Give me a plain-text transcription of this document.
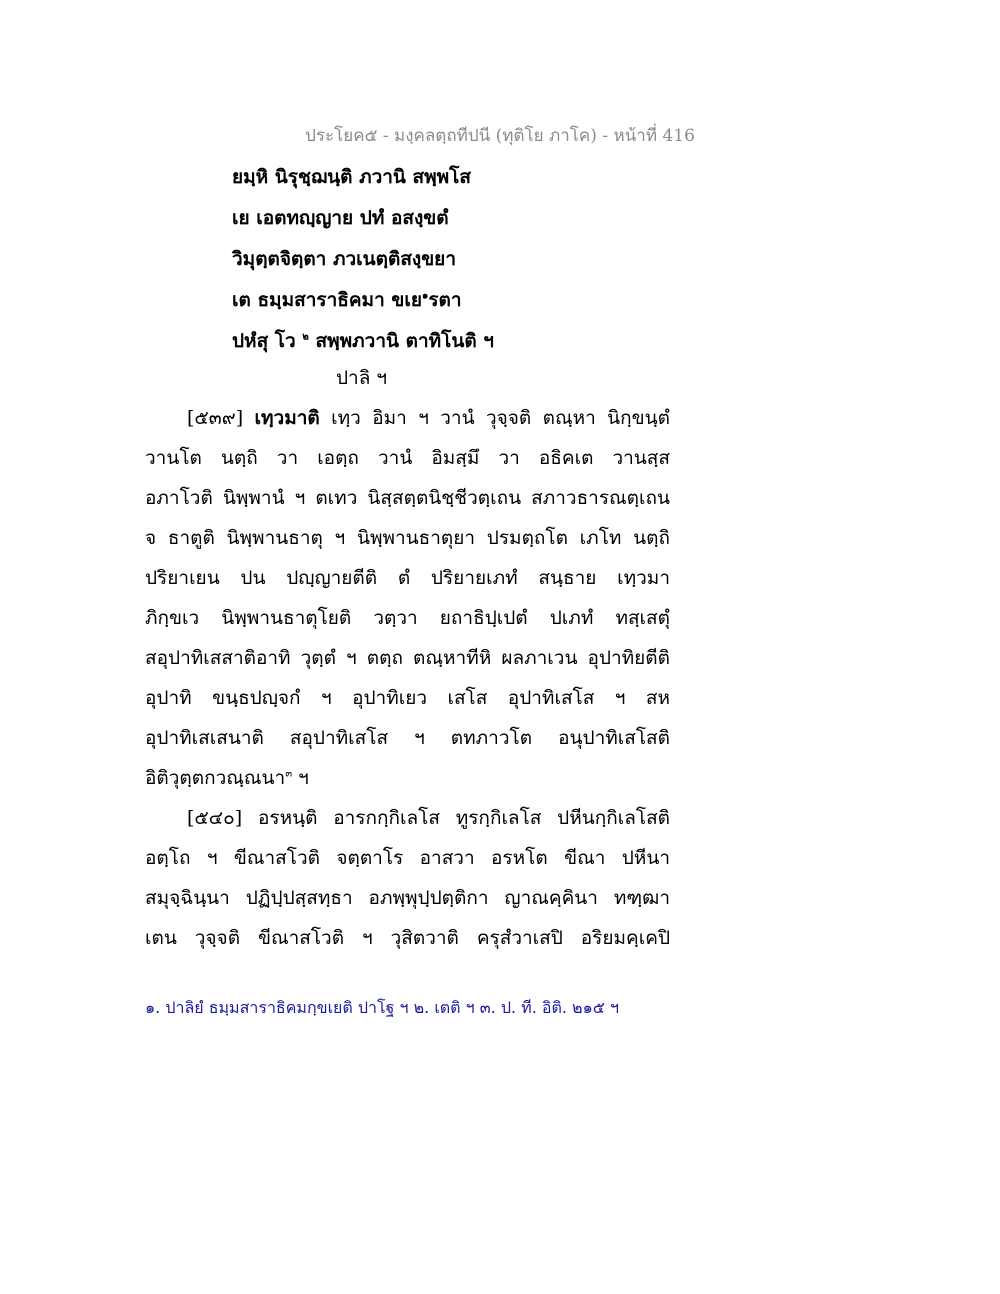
ประโยค๕ - มงฺคลตฺถทีปนี (ทุติโย ภาโค) - หน้าที่ 416
ยมฺหิ นิรุชฺฌนฺติ ภวานิ สพฺพโส
เย เอตทญฺญาย ปทํ อสงฺขตํ
วิมุตฺตจิตฺตา ภวเนตฺติสงฺขยา
เต ธมฺมสาราธิคมา ขเย$^๑$รตา
ปหํสุ โว $^๒$ สพฺพภวานิ ตาทิโนติ ฯ
ปาลิ ฯ
[๕๓๙] เทฺวมาติ เทฺว อิมา ฯ วานํ วุจฺจติ ตณฺหา นิกฺขนฺตํ
วานโต นตฺถิ วา เอตฺถ วานํ อิมสฺมึ วา อธิคเต วานสฺส
อภาโวติ นิพฺพานํ ฯ ตเทว นิสฺสตฺตนิชฺชีวตฺเถน สภาวธารณตฺเถน
จ ธาตูติ นิพฺพานธาตุ ฯ นิพฺพานธาตุยา ปรมตฺถโต เภโท นตฺถิ
ปริยาเยน ปน ปญฺญายตีติ ตํ ปริยายเภทํ สนฺธาย เทฺวมา
ภิกฺขเว นิพฺพานธาตุโยติ วตฺวา ยถาธิปฺเปตํ ปเภทํ ทสฺเสตุํ
สอุปาทิเสสาติอาทิ วุตฺตํ ฯ ตตฺถ ตณฺหาทีหิ ผลภาเวน อุปาทิยตีติ
อุปาทิ ขนฺธปญฺจกํ ฯ อุปาทิเยว เสโส อุปาทิเสโส ฯ สห
อุปาทิเสเสนาติ สอุปาทิเสโส ฯ ตทภาวโต อนุปาทิเสโสติ
อิติวุตฺตกวณฺณนา$^๓$ ฯ
[๕๔๐] อรหนฺติ อารกกฺกิเลโส ทูรกฺกิเลโส ปหีนกฺกิเลโสติ
อตฺโถ ฯ ขีณาสโวติ จตฺตาโร อาสวา อรหโต ขีณา ปหีนา
สมุจฺฉินฺนา ปฏิปฺปสฺสทฺธา อภพฺพุปฺปตฺติกา ญาณคฺคินา ทฑฺฒา
เตน วุจฺจติ ขีณาสโวติ ฯ วุสิตวาติ ครุสํวาเสปิ อริยมคฺเคปิ
๑. ปาลิยํ ธมฺมสาราธิคมกฺขเยติ ปาโฐ ฯ ๒. เตติ ฯ ๓. ป. ที. อิติ. ๒๑๕ ฯ
